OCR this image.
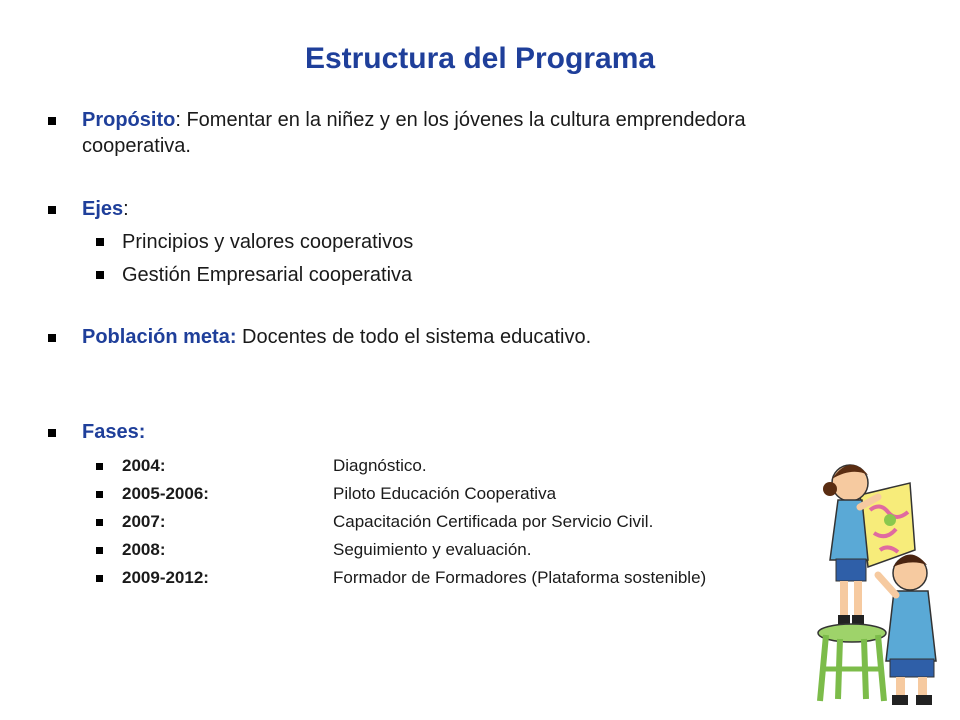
Estructura del Programa
Propósito: Fomentar en la niñez y en los jóvenes la cultura emprendedora
cooperativa.
Ejes:
Principios y valores cooperativos
Gestión Empresarial cooperativa
Población meta: Docentes de todo el sistema educativo.
Fases:
2004:	Diagnóstico.
2005-2006:	Piloto Educación Cooperativa
2007:	Capacitación Certificada por Servicio Civil.
2008:	Seguimiento y evaluación.
2009-2012:	Formador de Formadores (Plataforma sostenible)
